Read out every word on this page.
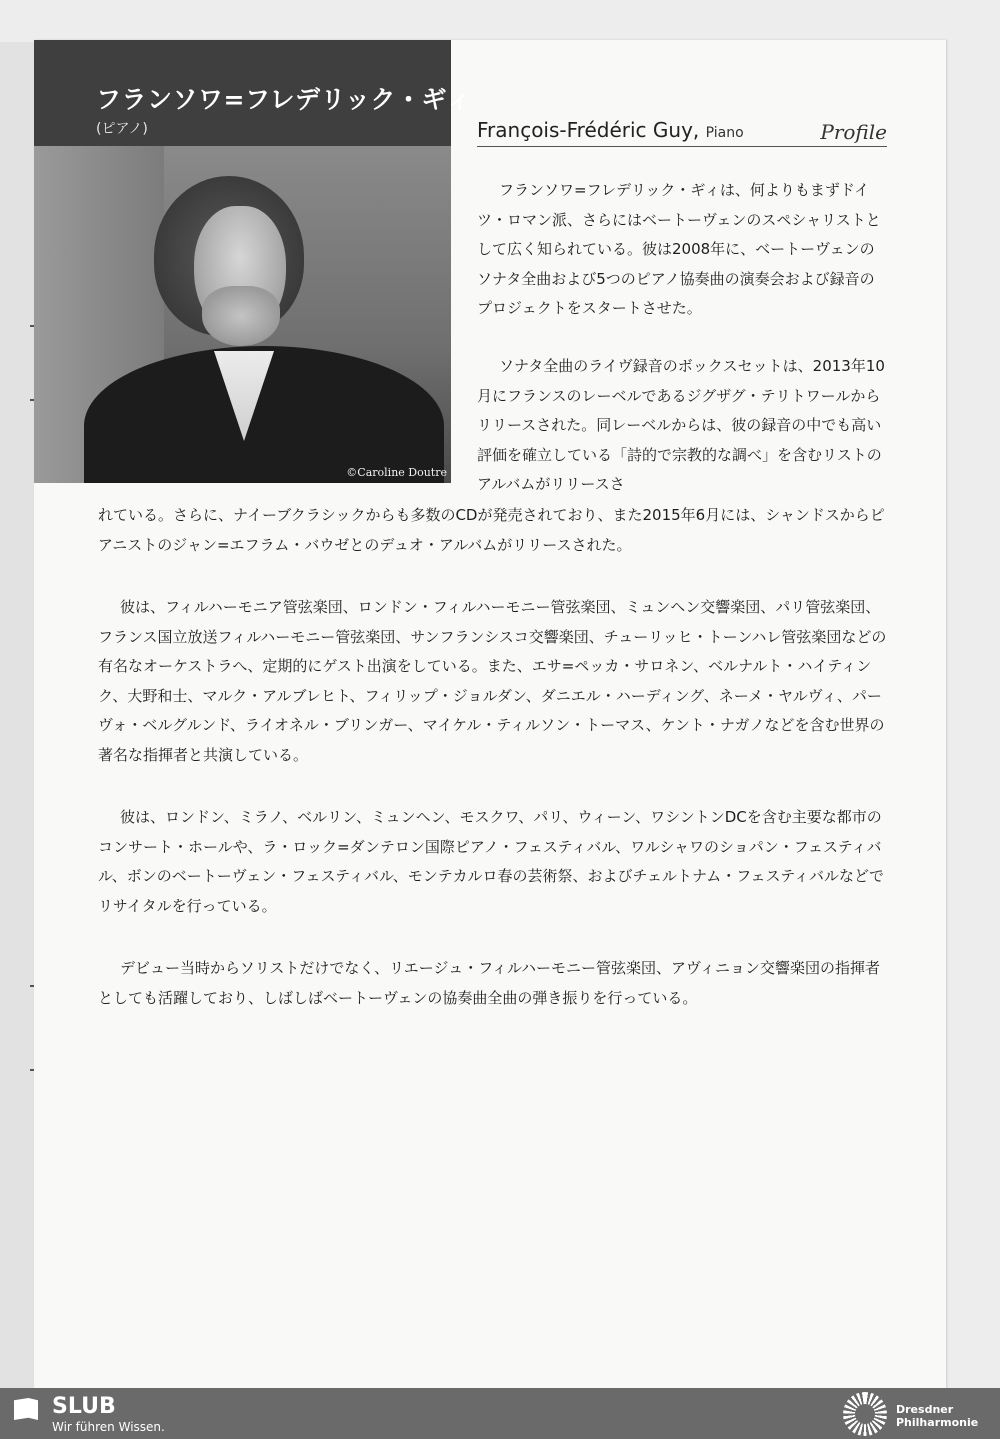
フランソワ=フレデリック・ギィ
(ピアノ)	François-Frédéric Guy, Piano	Profile
©Caroline Doutre

フランソワ=フレデリック・ギィは、何よりもまずドイツ・ロマン派、さらにはベートーヴェンのスペシャリストとして広く知られている。彼は2008年に、ベートーヴェンのソナタ全曲および5つのピアノ協奏曲の演奏会および録音のプロジェクトをスタートさせた。

ソナタ全曲のライヴ録音のボックスセットは、2013年10月にフランスのレーベルであるジグザグ・テリトワールからリリースされた。同レーベルからは、彼の録音の中でも高い評価を確立している「詩的で宗教的な調べ」を含むリストのアルバムがリリースさ

れている。さらに、ナイーブクラシックからも多数のCDが発売されており、また2015年6月には、シャンドスからピアニストのジャン=エフラム・バウゼとのデュオ・アルバムがリリースされた。

彼は、フィルハーモニア管弦楽団、ロンドン・フィルハーモニー管弦楽団、ミュンヘン交響楽団、パリ管弦楽団、フランス国立放送フィルハーモニー管弦楽団、サンフランシスコ交響楽団、チューリッヒ・トーンハレ管弦楽団などの有名なオーケストラへ、定期的にゲスト出演をしている。また、エサ=ペッカ・サロネン、ベルナルト・ハイティンク、大野和士、マルク・アルブレヒト、フィリップ・ジョルダン、ダニエル・ハーディング、ネーメ・ヤルヴィ、パーヴォ・ベルグルンド、ライオネル・ブリンガー、マイケル・ティルソン・トーマス、ケント・ナガノなどを含む世界の著名な指揮者と共演している。

彼は、ロンドン、ミラノ、ベルリン、ミュンヘン、モスクワ、パリ、ウィーン、ワシントンDCを含む主要な都市のコンサート・ホールや、ラ・ロック=ダンテロン国際ピアノ・フェスティバル、ワルシャワのショパン・フェスティバル、ボンのベートーヴェン・フェスティバル、モンテカルロ春の芸術祭、およびチェルトナム・フェスティバルなどでリサイタルを行っている。

デビュー当時からソリストだけでなく、リエージュ・フィルハーモニー管弦楽団、アヴィニョン交響楽団の指揮者としても活躍しており、しばしばベートーヴェンの協奏曲全曲の弾き振りを行っている。

SLUB
Wir führen Wissen.
Dresdner
Philharmonie
